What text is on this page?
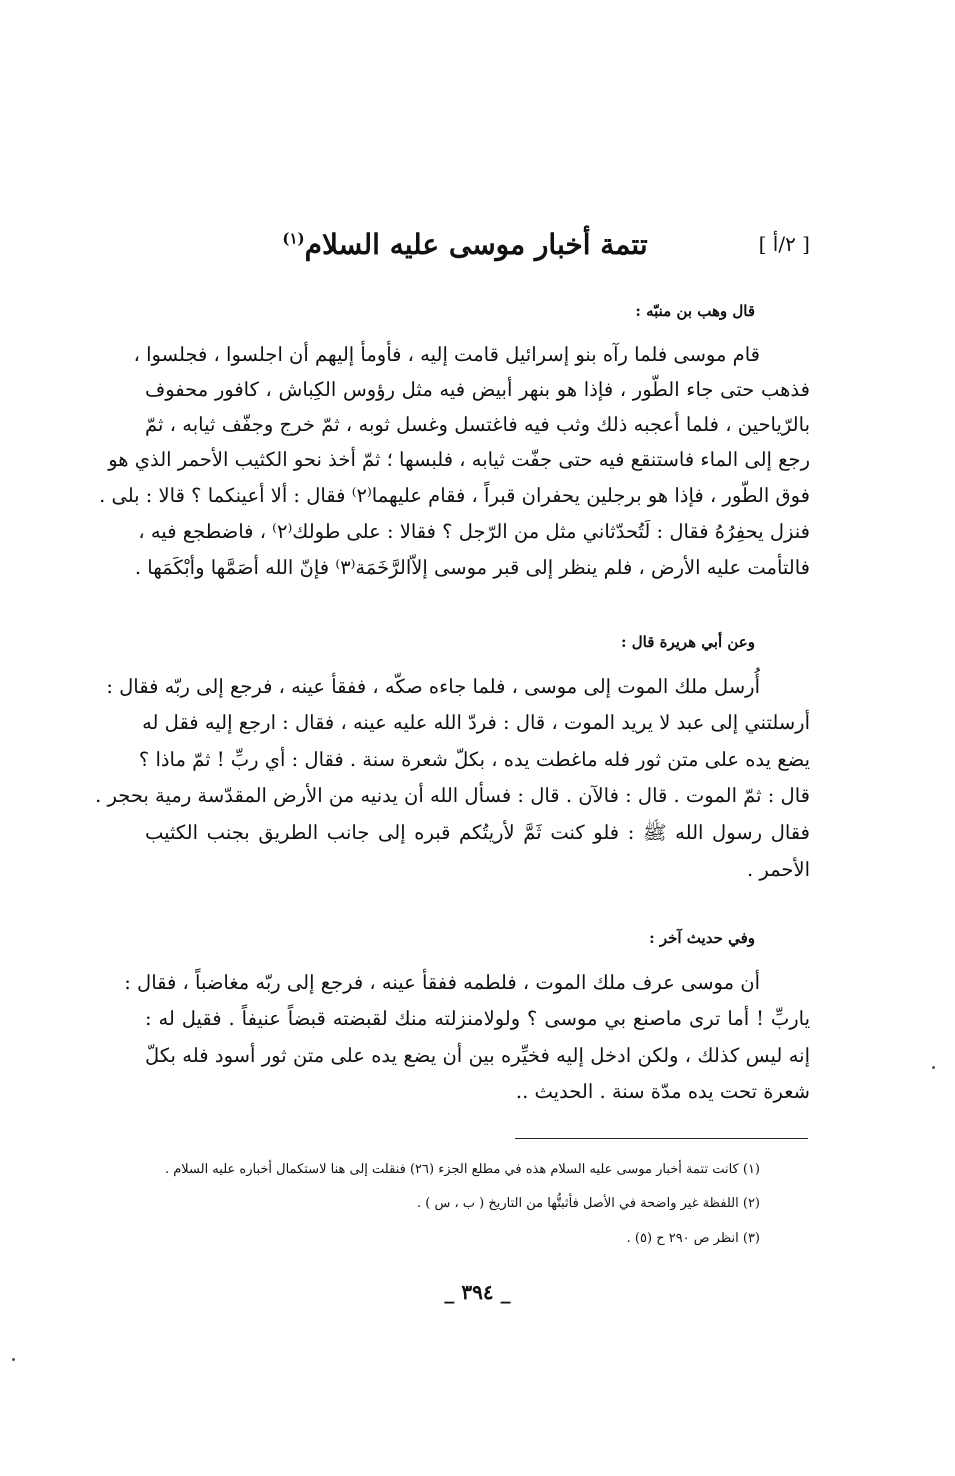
[ ٢/أ ]
تتمة أخبار موسى عليه السلام$^{(١)}$
قال وهب بن منبّه :
قام موسى فلما رآه بنو إسرائيل قامت إليه ، فأومأ إليهم أن اجلسوا ، فجلسوا ،
فذهب حتى جاء الطّور ، فإذا هو بنهر أبيض فيه مثل رؤوس الكِباش ، كافور محفوف
بالرّياحين ، فلما أعجبه ذلك وثب فيه فاغتسل وغسل ثوبه ، ثمّ خرج وجفّف ثيابه ، ثمّ
رجع إلى الماء فاستنقع فيه حتى جفّت ثيابه ، فلبسها ؛ ثمّ أخذ نحو الكثيب الأحمر الذي هو
فوق الطّور ، فإذا هو برجلين يحفران قبراً ، فقام عليهما⁽٢⁾ فقال : ألا أعينكما ؟ قالا : بلى .
فنزل يحفِرُهُ فقال : لَتُحدّثاني مثل من الرّجل ؟ فقالا : على طولك⁽٢⁾ ، فاضطجع فيه ،
فالتأمت عليه الأرض ، فلم ينظر إلى قبر موسى إلاّالرَّخَمَة⁽٣⁾ فإنّ الله أصَمَّها وأبْكَمَها .
وعن أبي هريرة قال :
أُرسل ملك الموت إلى موسى ، فلما جاءه صكّه ، ففقأ عينه ، فرجع إلى ربّه فقال :
أرسلتني إلى عبد لا يريد الموت ، قال : فردّ الله عليه عينه ، فقال : ارجع إليه فقل له
يضع يده على متن ثور فله ماغطت يده ، بكلّ شعرة سنة . فقال : أي ربِّ ! ثمّ ماذا ؟
قال : ثمّ الموت . قال : فالآن . قال : فسأل الله أن يدنيه من الأرض المقدّسة رمية بحجر .
فقال رسول الله ﷺ : فلو كنت ثَمَّ لأريتُكم قبره إلى جانب الطريق بجنب الكثيب
الأحمر .
وفي حديث آخر :
أن موسى عرف ملك الموت ، فلطمه ففقأ عينه ، فرجع إلى ربّه مغاضباً ، فقال :
ياربِّ ! أما ترى ماصنع بي موسى ؟ ولولامنزلته منك لقبضته قبضاً عنيفاً . فقيل له :
إنه ليس كذلك ، ولكن ادخل إليه فخيِّره بين أن يضع يده على متن ثور أسود فله بكلّ
شعرة تحت يده مدّة سنة . الحديث ..
(١) كانت تتمة أخبار موسى عليه السلام هذه في مطلع الجزء (٢٦) فنقلت إلى هنا لاستكمال أخباره عليه السلام .
(٢) اللفظة غير واضحة في الأصل فأثبتُّها من التاريخ ( ب ، س ) .
(٣) انظر ص ٢٩٠ ح (٥) .
_ ٣٩٤ _
